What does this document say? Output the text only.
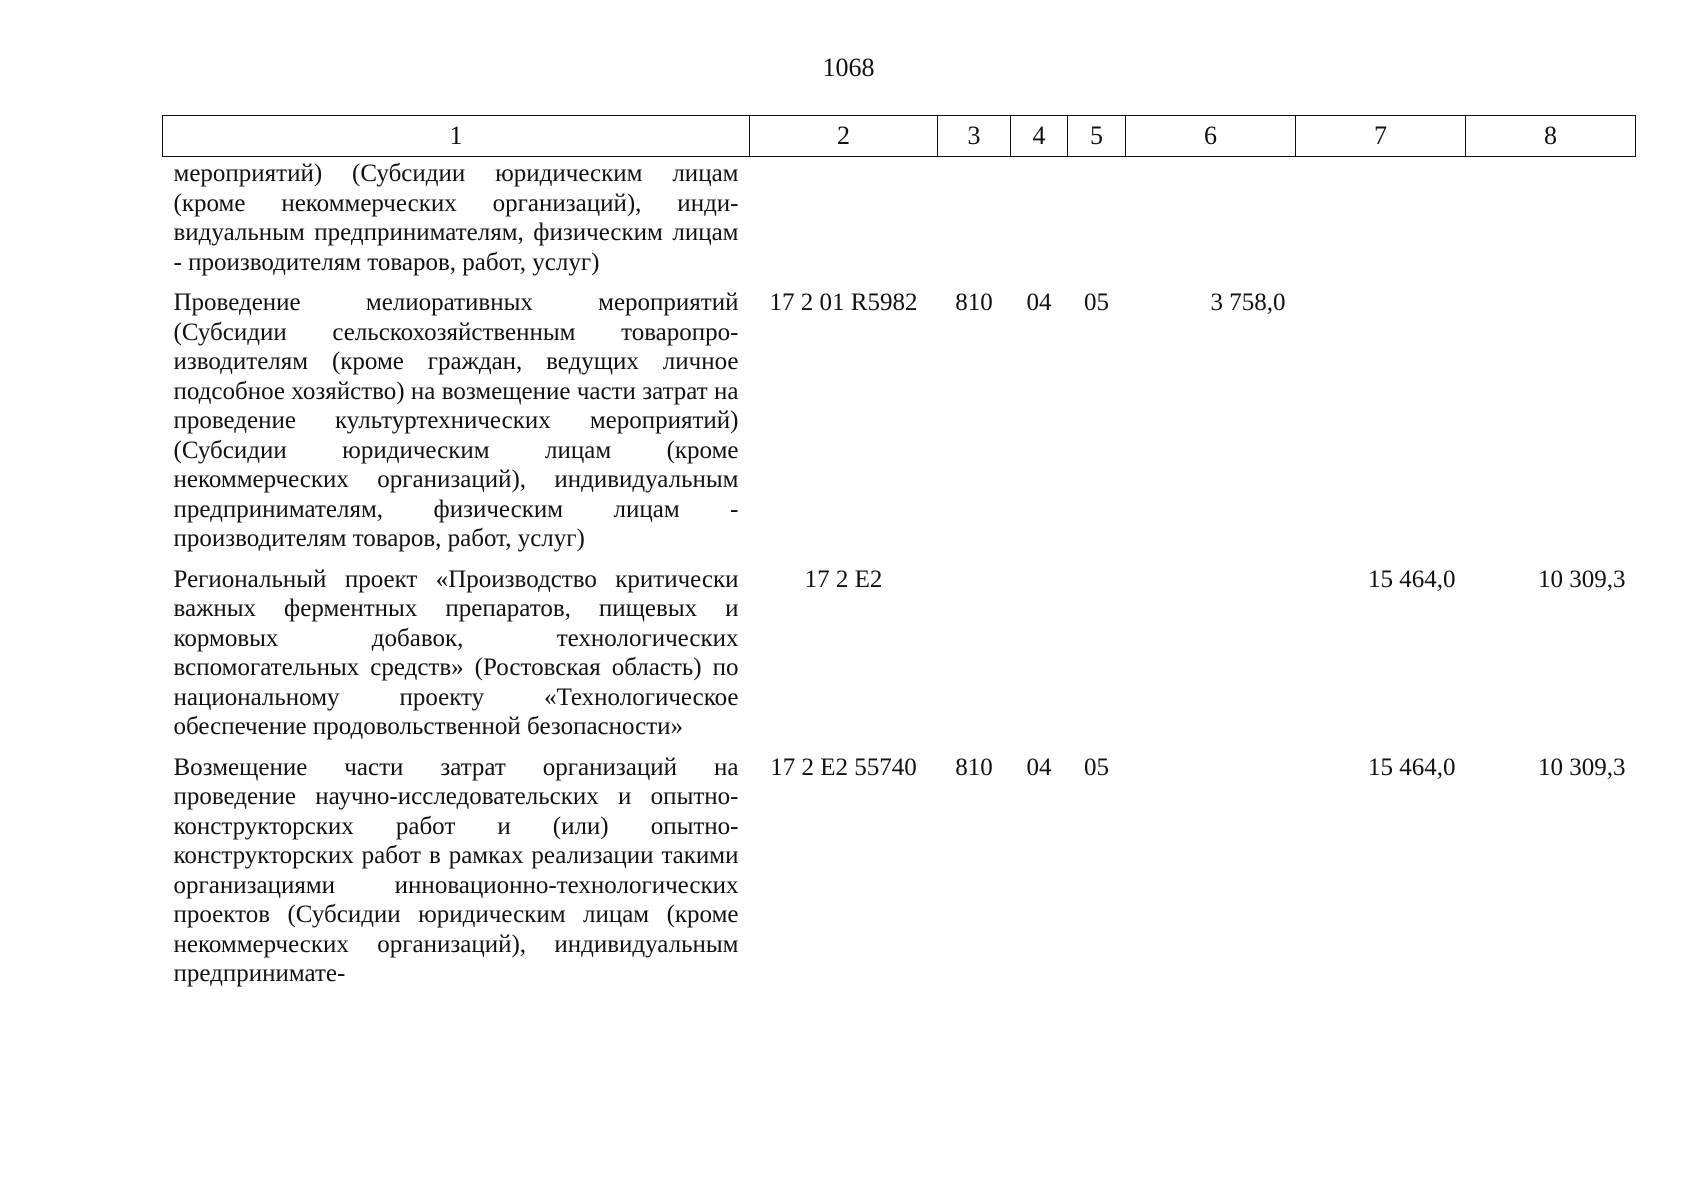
1068
1	2	3	4	5	6	7	8
мероприятий) (Субсидии юридическим лицам (кроме некоммерческих организаций), индивидуальным предпринимателям, физическим лицам - производителям товаров, работ, услуг)							
Проведение мелиоративных мероприятий (Субсидии сельскохозяйственным товаропроизводителям (кроме граждан, ведущих личное подсобное хозяйство) на возмещение части затрат на проведение культуртехнических мероприятий) (Субсидии юридическим лицам (кроме некоммерческих организаций), индивидуальным предпринимателям, физическим лицам - производителям товаров, работ, услуг)	17 2 01 R5982	810	04	05	3 758,0		
Региональный проект «Производство критически важных ферментных препаратов, пищевых и кормовых добавок, технологических вспомогательных средств» (Ростовская область) по национальному проекту «Технологическое обеспечение продовольственной безопасности»	17 2 E2					15 464,0	10 309,3
Возмещение части затрат организаций на проведение научно-исследовательских и опытно-конструкторских работ и (или) опытно-конструкторских работ в рамках реализации такими организациями инновационно-технологических проектов (Субсидии юридическим лицам (кроме некоммерческих организаций), индивидуальным предпринимате-	17 2 E2 55740	810	04	05		15 464,0	10 309,3
